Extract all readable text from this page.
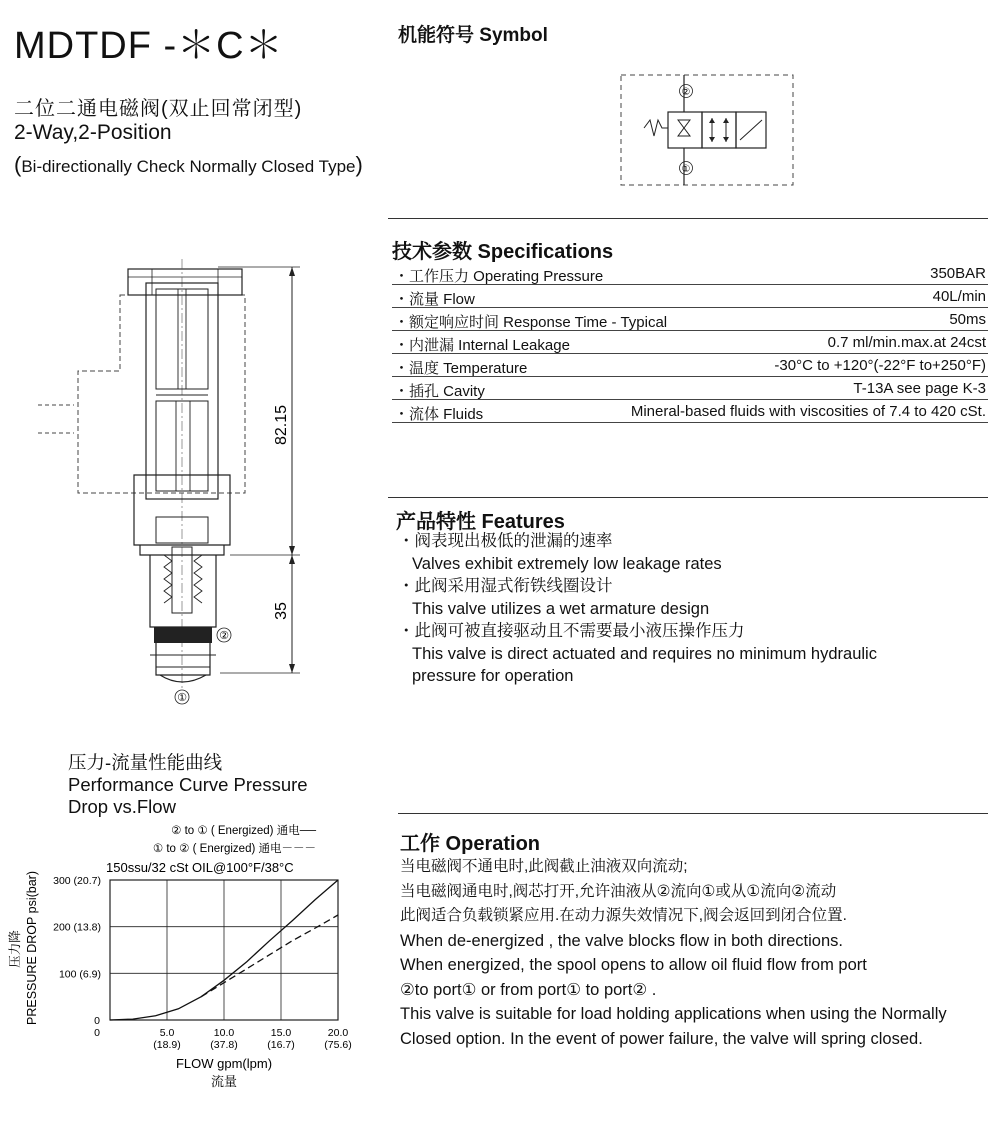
MDTDF -＊C＊	机能符号 Symbol
二位二通电磁阀(双止回常闭型)
2-Way,2-Position
(Bi-directionally Check Normally Closed Type)
②
①
82.15
35
②
①
技术参数 Specifications
・工作压力 Operating Pressure	350BAR
・流量 Flow	40L/min
・额定响应时间 Response Time - Typical	50ms
・内泄漏 Internal Leakage	0.7 ml/min.max.at 24cst
・温度 Temperature	-30°C to +120°(-22°F to+250°F)
・插孔 Cavity	T-13A see page K-3
・流体 Fluids	Mineral-based fluids with viscosities of 7.4 to 420 cSt.
产品特性 Features
・阀表现出极低的泄漏的速率
Valves exhibit extremely low leakage rates
・此阀采用湿式衔铁线圈设计
This valve utilizes a wet armature design
・此阀可被直接驱动且不需要最小液压操作压力
This valve is direct actuated and requires no minimum hydraulic
pressure for operation
工作 Operation
当电磁阀不通电时,此阀截止油液双向流动;
当电磁阀通电时,阀芯打开,允许油液从②流向①或从①流向②流动
此阀适合负载锁紧应用.在动力源失效情况下,阀会返回到闭合位置.
When de-energized , the valve blocks flow in both directions.
When energized, the spool opens to allow oil fluid flow from port
②to port① or from port① to port② .
This valve is suitable for load holding applications when using the Normally
Closed option. In the event of power failure, the valve will spring closed.
压力-流量性能曲线
Performance Curve Pressure
Drop vs.Flow
0	5.0
(18.9)
10.0
(37.8)
15.0
(16.7)
20.0
(75.6)
100 (6.9)
200 (13.8)
300 (20.7)
② to ① ( Energized) 通电──
① to ② ( Energized) 通电－－－
150ssu/32 cSt OIL@100°F/38°C
FLOW gpm(lpm)
流量
PRESSURE DROP psi(bar)
压力降
0
